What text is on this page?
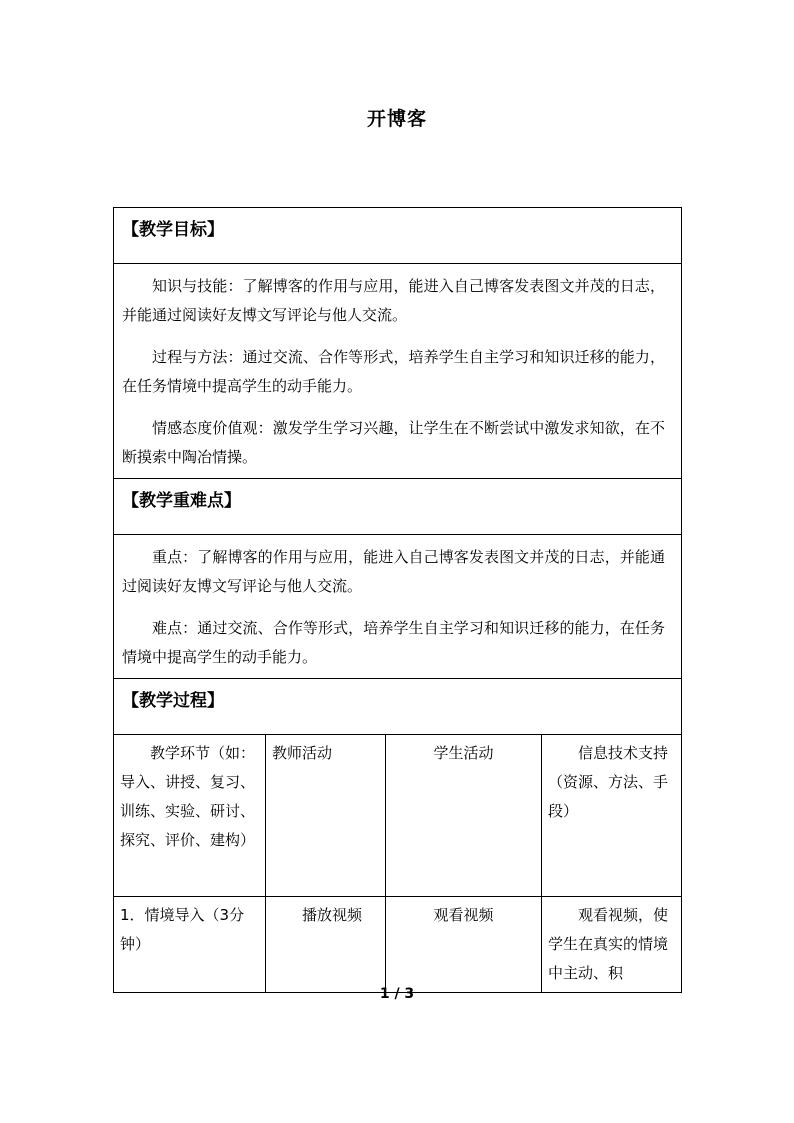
开博客
【教学目标】			

知识与技能：了解博客的作用与应用，能进入自己博客发表图文并茂的日志，并能通过阅读好友博文写评论与他人交流。

过程与方法：通过交流、合作等形式，培养学生自主学习和知识迁移的能力，在任务情境中提高学生的动手能力。

情感态度价值观：激发学生学习兴趣，让学生在不断尝试中激发求知欲，在不断摸索中陶冶情操。			

【教学重难点】			

重点：了解博客的作用与应用，能进入自己博客发表图文并茂的日志，并能通过阅读好友博文写评论与他人交流。

难点：通过交流、合作等形式，培养学生自主学习和知识迁移的能力，在任务情境中提高学生的动手能力。			

【教学过程】			

教学环节（如：导入、讲授、复习、训练、实验、研讨、探究、评价、建构）	教师活动	学生活动	信息技术支持（资源、方法、手段）
1．情境导入（3分钟）	播放视频	观看视频	观看视频，使学生在真实的情境中主动、积
1 / 3
